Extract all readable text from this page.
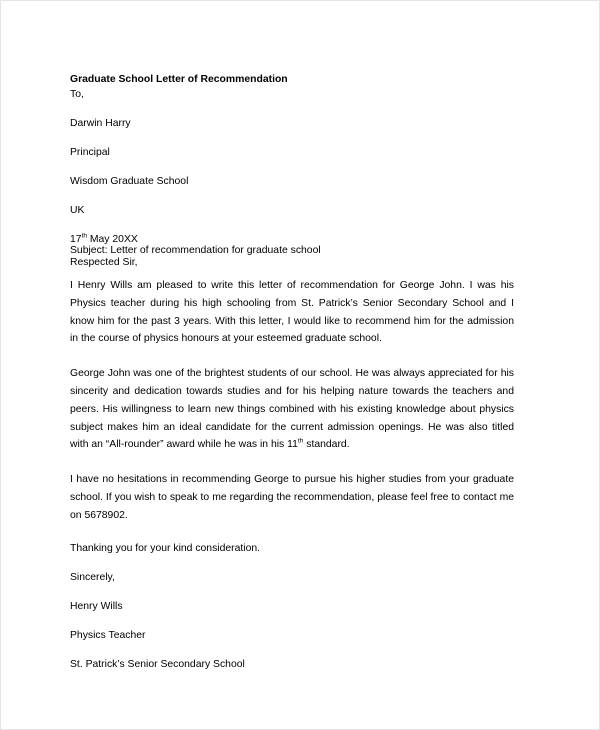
Graduate School Letter of Recommendation

To,

Darwin Harry

Principal

Wisdom Graduate School

UK

17th May 20XX

Subject: Letter of recommendation for graduate school

Respected Sir,

I Henry Wills am pleased to write this letter of recommendation for George John. I was his Physics teacher during his high schooling from St. Patrick’s Senior Secondary School and I know him for the past 3 years. With this letter, I would like to recommend him for the admission in the course of physics honours at your esteemed graduate school.

George John was one of the brightest students of our school. He was always appreciated for his sincerity and dedication towards studies and for his helping nature towards the teachers and peers. His willingness to learn new things combined with his existing knowledge about physics subject makes him an ideal candidate for the current admission openings. He was also titled with an “All-rounder” award while he was in his 11th standard.

I have no hesitations in recommending George to pursue his higher studies from your graduate school. If you wish to speak to me regarding the recommendation, please feel free to contact me on 5678902.

Thanking you for your kind consideration.

Sincerely,

Henry Wills

Physics Teacher

St. Patrick’s Senior Secondary School
